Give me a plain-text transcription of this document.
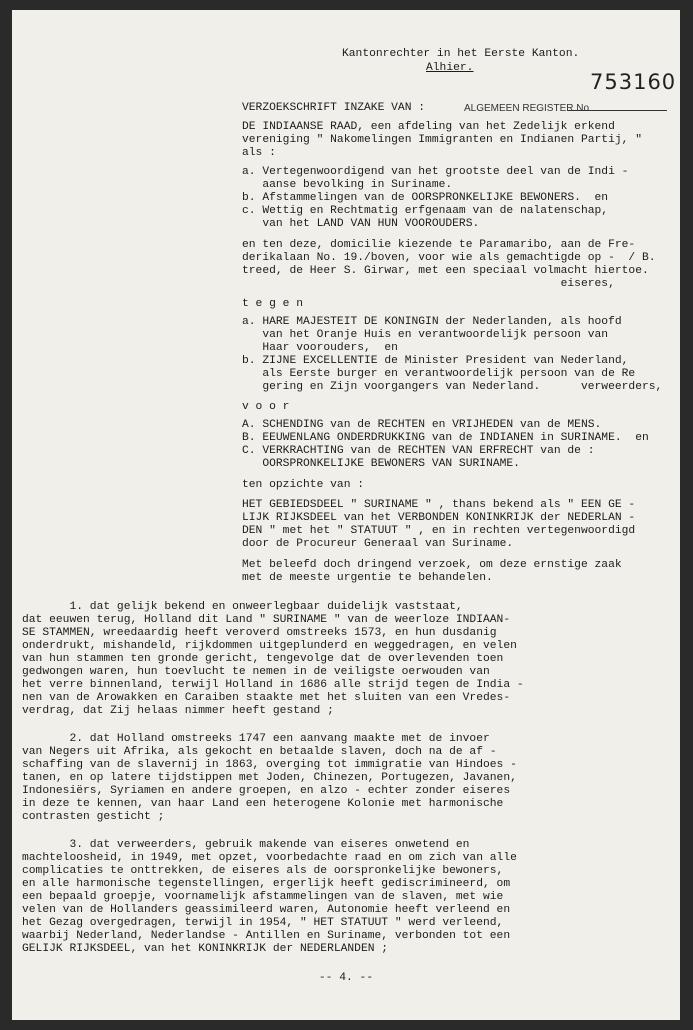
Kantonrechter in het Eerste Kanton.
Alhier.
753160
ALGEMEEN REGISTER No
VERZOEKSCHRIFT INZAKE VAN :
DE INDIAANSE RAAD, een afdeling van het Zedelijk erkend
vereniging " Nakomelingen Immigranten en Indianen Partij, "
als :
a. Vertegenwoordigend van het grootste deel van de Indi -
aanse bevolking in Suriname.
b. Afstammelingen van de OORSPRONKELIJKE BEWONERS.  en
c. Wettig en Rechtmatig erfgenaam van de nalatenschap,
van het LAND VAN HUN VOOROUDERS.
en ten deze, domicilie kiezende te Paramaribo, aan de Fre-
derikalaan No. 19./boven, voor wie als gemachtigde op -  / B.
treed, de Heer S. Girwar, met een speciaal volmacht hiertoe.
eiseres,
t e g e n
a. HARE MAJESTEIT DE KONINGIN der Nederlanden, als hoofd
van het Oranje Huis en verantwoordelijk persoon van
Haar voorouders,  en
b. ZIJNE EXCELLENTIE de Minister President van Nederland,
als Eerste burger en verantwoordelijk persoon van de Re
gering en Zijn voorgangers van Nederland.      verweerders,
v o o r
A. SCHENDING van de RECHTEN en VRIJHEDEN van de MENS.
B. EEUWENLANG ONDERDRUKKING van de INDIANEN in SURINAME.  en
C. VERKRACHTING van de RECHTEN VAN ERFRECHT van de :
OORSPRONKELIJKE BEWONERS VAN SURINAME.
ten opzichte van :
HET GEBIEDSDEEL " SURINAME " , thans bekend als " EEN GE -
LIJK RIJKSDEEL van het VERBONDEN KONINKRIJK der NEDERLAN -
DEN " met het " STATUUT " , en in rechten vertegenwoordigd
door de Procureur Generaal van Suriname.
Met beleefd doch dringend verzoek, om deze ernstige zaak
met de meeste urgentie te behandelen.
1. dat gelijk bekend en onweerlegbaar duidelijk vaststaat,
dat eeuwen terug, Holland dit Land " SURINAME " van de weerloze INDIAAN-
SE STAMMEN, wreedaardig heeft veroverd omstreeks 1573, en hun dusdanig
onderdrukt, mishandeld, rijkdommen uitgeplunderd en weggedragen, en velen
van hun stammen ten gronde gericht, tengevolge dat de overlevenden toen
gedwongen waren, hun toevlucht te nemen in de veiligste oerwouden van
het verre binnenland, terwijl Holland in 1686 alle strijd tegen de India -
nen van de Arowakken en Caraiben staakte met het sluiten van een Vredes-
verdrag, dat Zij helaas nimmer heeft gestand ;
2. dat Holland omstreeks 1747 een aanvang maakte met de invoer
van Negers uit Afrika, als gekocht en betaalde slaven, doch na de af -
schaffing van de slavernij in 1863, overging tot immigratie van Hindoes -
tanen, en op latere tijdstippen met Joden, Chinezen, Portugezen, Javanen,
Indonesiërs, Syriamen en andere groepen, en alzo - echter zonder eiseres
in deze te kennen, van haar Land een heterogene Kolonie met harmonische
contrasten gesticht ;
3. dat verweerders, gebruik makende van eiseres onwetend en
machteloosheid, in 1949, met opzet, voorbedachte raad en om zich van alle
complicaties te onttrekken, de eiseres als de oorspronkelijke bewoners,
en alle harmonische tegenstellingen, ergerlijk heeft gediscrimineerd, om
een bepaald groepje, voornamelijk afstammelingen van de slaven, met wie
velen van de Hollanders geassimileerd waren, Autonomie heeft verleend en
het Gezag overgedragen, terwijl in 1954, " HET STATUUT " werd verleend,
waarbij Nederland, Nederlandse - Antillen en Suriname, verbonden tot een
GELIJK RIJKSDEEL, van het KONINKRIJK der NEDERLANDEN ;
-- 4. --
